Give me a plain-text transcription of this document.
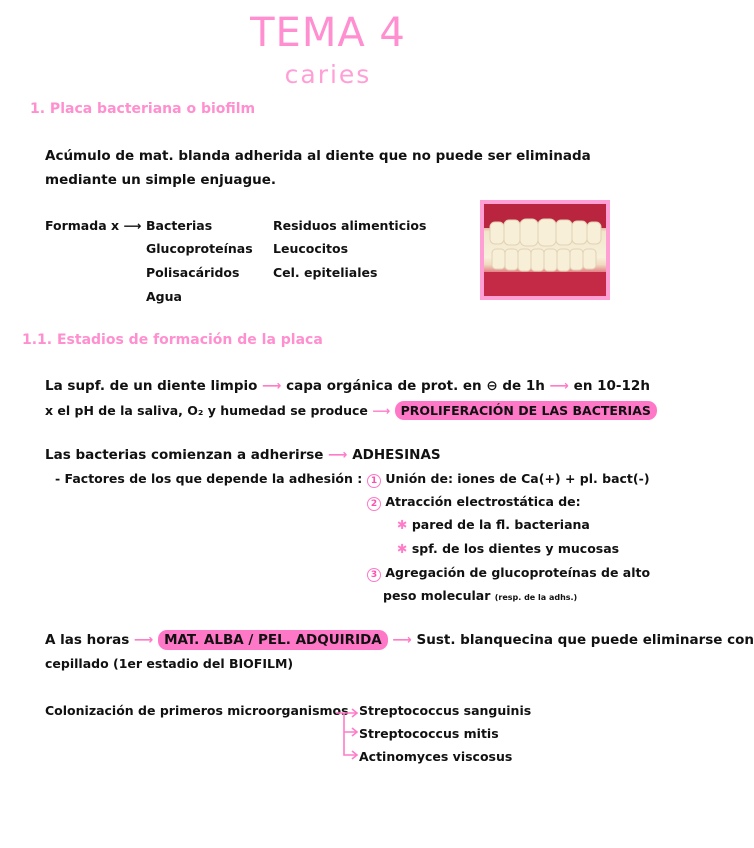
TEMA 4
caries
1. Placa bacteriana o biofilm
Acúmulo de mat. blanda adherida al diente que no puede ser eliminada
mediante un simple enjuague.
Formada x ⟶ Bacterias
Glucoproteínas
Polisacáridos
Agua
Residuos alimenticios
Leucocitos
Cel. epiteliales
1.1. Estadios de formación de la placa
La supf. de un diente limpio ⟶ capa orgánica de prot. en ⊖ de 1h ⟶ en 10-12h
x el pH de la saliva, O₂ y humedad se produce ⟶ PROLIFERACIÓN DE LAS BACTERIAS
Las bacterias comienzan a adherirse ⟶ ADHESINAS
- Factores de los que depende la adhesión : 1 Unión de: iones de Ca(+) + pl. bact(-)
2 Atracción electrostática de:
✱ pared de la fl. bacteriana
✱ spf. de los dientes y mucosas
3 Agregación de glucoproteínas de alto
peso molecular (resp. de la adhs.)
A las horas ⟶ MAT. ALBA / PEL. ADQUIRIDA ⟶ Sust. blanquecina que puede eliminarse con
cepillado (1er estadio del BIOFILM)
Colonización de primeros microorganismos Streptococcus sanguinis
Streptococcus mitis
Actinomyces viscosus
